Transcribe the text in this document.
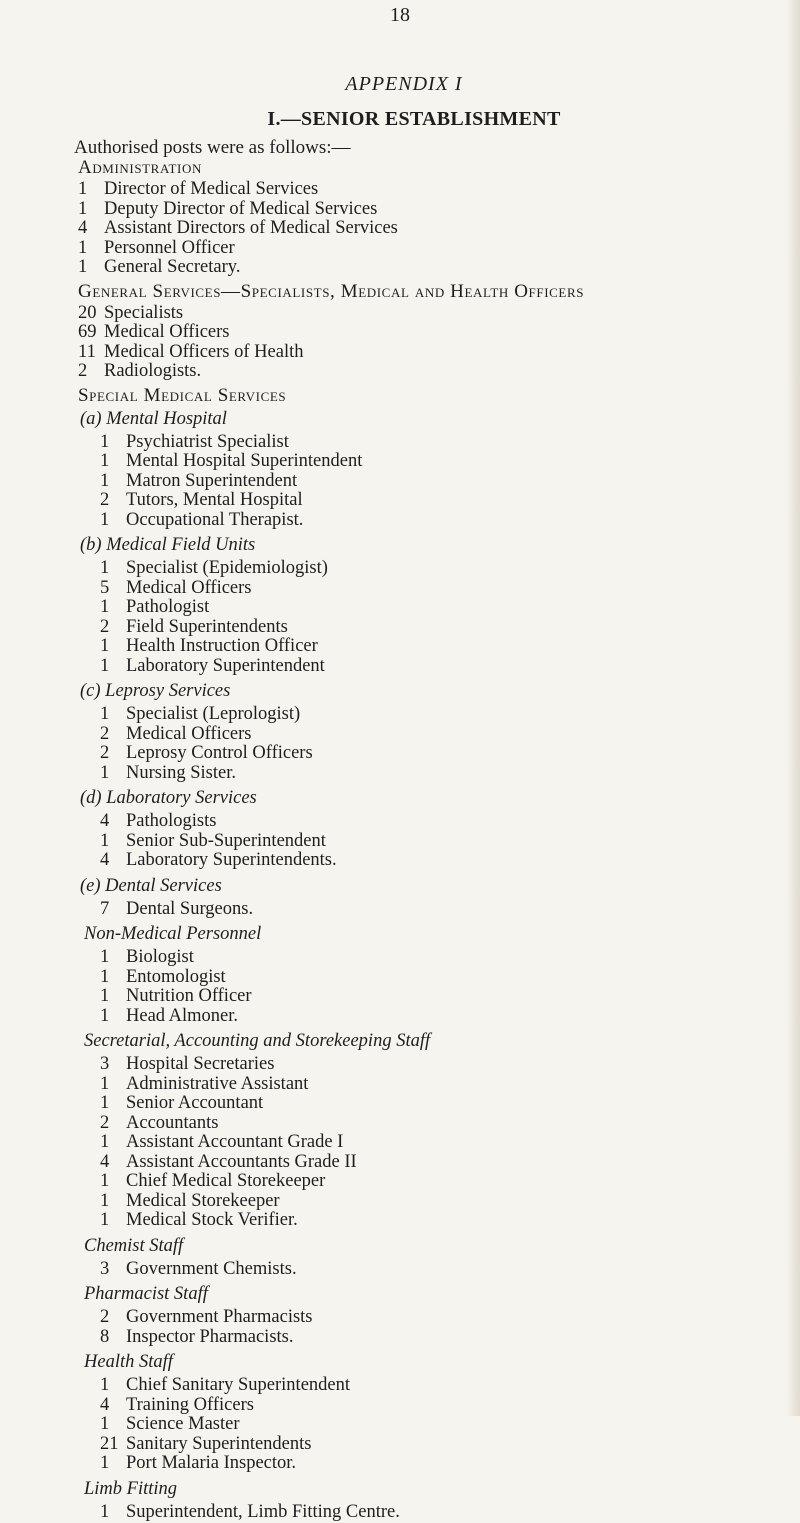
18
APPENDIX I
I.—SENIOR ESTABLISHMENT
Authorised posts were as follows:—
Administration
1 Director of Medical Services
1 Deputy Director of Medical Services
4 Assistant Directors of Medical Services
1 Personnel Officer
1 General Secretary.
General Services—Specialists, Medical and Health Officers
20 Specialists
69 Medical Officers
11 Medical Officers of Health
2 Radiologists.
Special Medical Services
(a) Mental Hospital
1 Psychiatrist Specialist
1 Mental Hospital Superintendent
1 Matron Superintendent
2 Tutors, Mental Hospital
1 Occupational Therapist.
(b) Medical Field Units
1 Specialist (Epidemiologist)
5 Medical Officers
1 Pathologist
2 Field Superintendents
1 Health Instruction Officer
1 Laboratory Superintendent
(c) Leprosy Services
1 Specialist (Leprologist)
2 Medical Officers
2 Leprosy Control Officers
1 Nursing Sister.
(d) Laboratory Services
4 Pathologists
1 Senior Sub-Superintendent
4 Laboratory Superintendents.
(e) Dental Services
7 Dental Surgeons.
Non-Medical Personnel
1 Biologist
1 Entomologist
1 Nutrition Officer
1 Head Almoner.
Secretarial, Accounting and Storekeeping Staff
3 Hospital Secretaries
1 Administrative Assistant
1 Senior Accountant
2 Accountants
1 Assistant Accountant Grade I
4 Assistant Accountants Grade II
1 Chief Medical Storekeeper
1 Medical Storekeeper
1 Medical Stock Verifier.
Chemist Staff
3 Government Chemists.
Pharmacist Staff
2 Government Pharmacists
8 Inspector Pharmacists.
Health Staff
1 Chief Sanitary Superintendent
4 Training Officers
1 Science Master
21 Sanitary Superintendents
1 Port Malaria Inspector.
Limb Fitting
1 Superintendent, Limb Fitting Centre.
